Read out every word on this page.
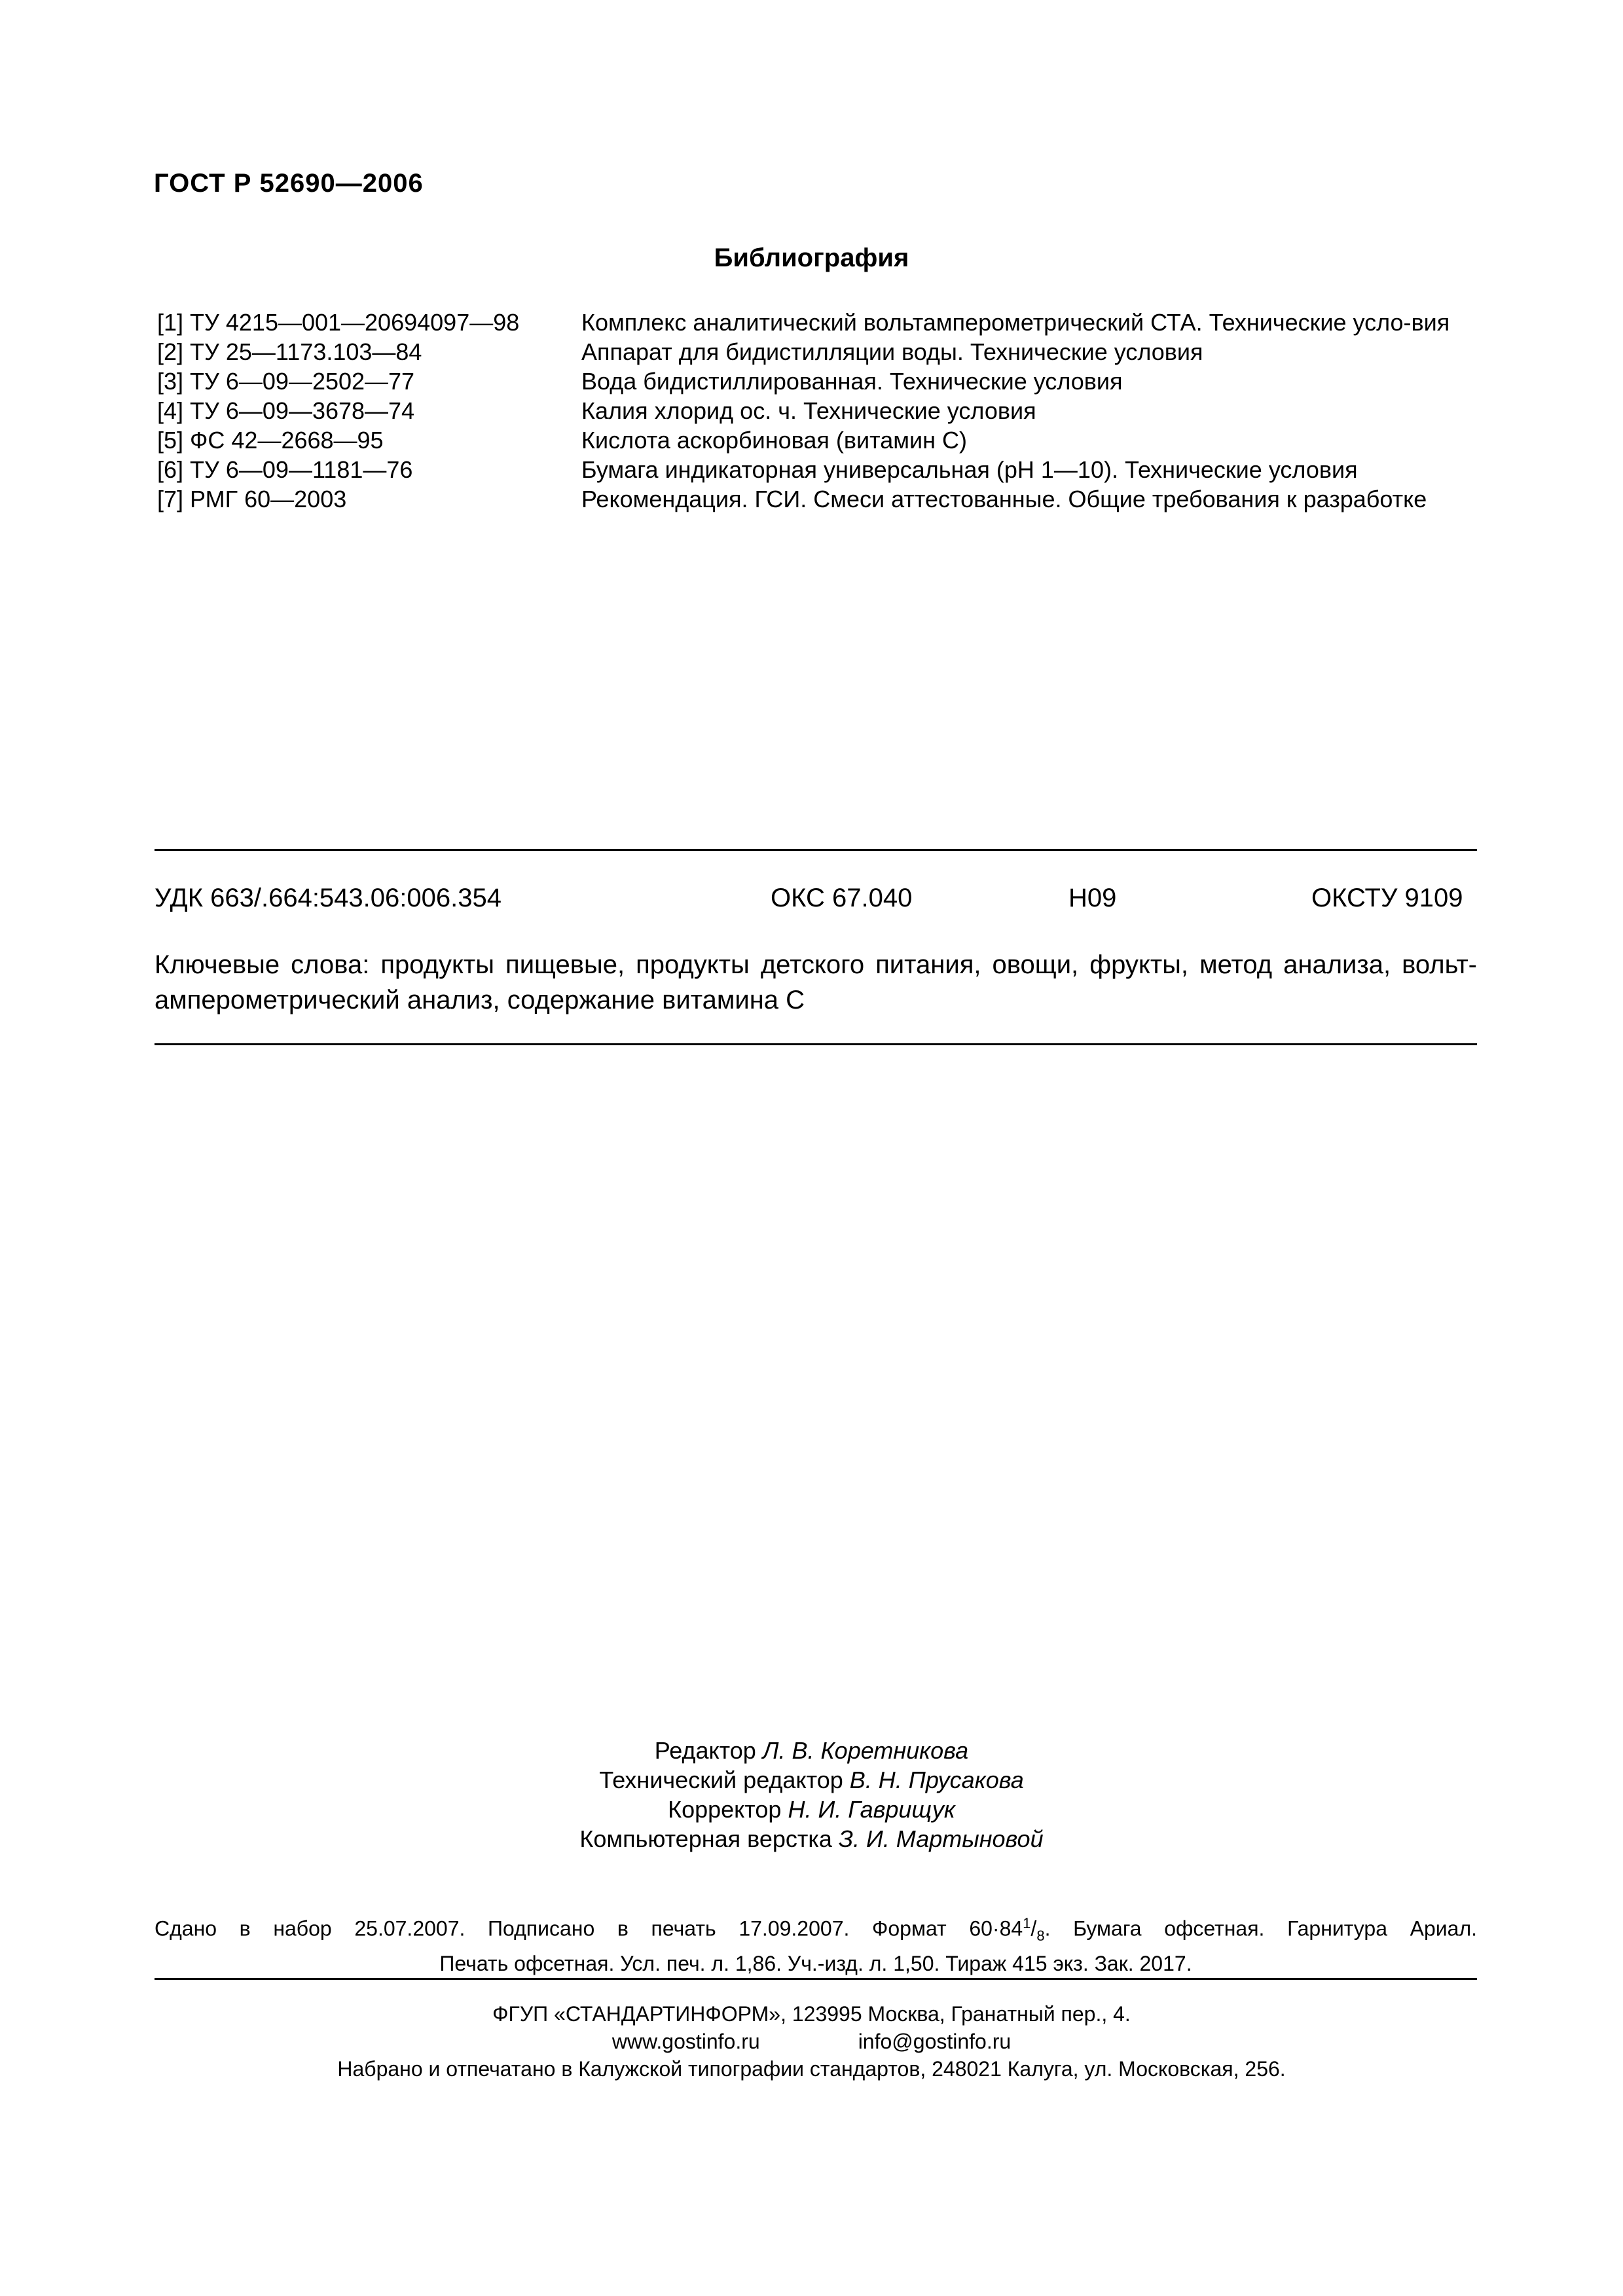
ГОСТ Р 52690—2006
Библиография
[1] ТУ 4215—001—20694097—98	Комплекс аналитический вольтамперометрический СТА. Технические усло-вия
[2] ТУ 25—1173.103—84	Аппарат для бидистилляции воды. Технические условия
[3] ТУ 6—09—2502—77	Вода бидистиллированная. Технические условия
[4] ТУ 6—09—3678—74	Калия хлорид ос. ч. Технические условия
[5] ФС 42—2668—95	Кислота аскорбиновая (витамин С)
[6] ТУ 6—09—1181—76	Бумага индикаторная универсальная (рН 1—10). Технические условия
[7] РМГ 60—2003	Рекомендация. ГСИ. Смеси аттестованные. Общие требования к разработке
УДК 663/.664:543.06:006.354	ОКС 67.040	Н09	ОКСТУ 9109

Ключевые слова: продукты пищевые, продукты детского питания, овощи, фрукты, метод анализа, вольт-

амперометрический анализ, содержание витамина С

Редактор Л. В. Коретникова
Технический редактор В. Н. Прусакова
Корректор Н. И. Гаврищук
Компьютерная верстка З. И. Мартыновой

Сдано в набор 25.07.2007. Подписано в печать 17.09.2007. Формат $60\cdot 84^1/_8$. Бумага офсетная. Гарнитура Ариал.

Печать офсетная. Усл. печ. л. 1,86. Уч.-изд. л. 1,50. Тираж 415 экз. Зак. 2017.

ФГУП «СТАНДАРТИНФОРМ», 123995 Москва, Гранатный пер., 4.
www.gostinfo.ru	info@gostinfo.ru
Набрано и отпечатано в Калужской типографии стандартов, 248021 Калуга, ул. Московская, 256.
